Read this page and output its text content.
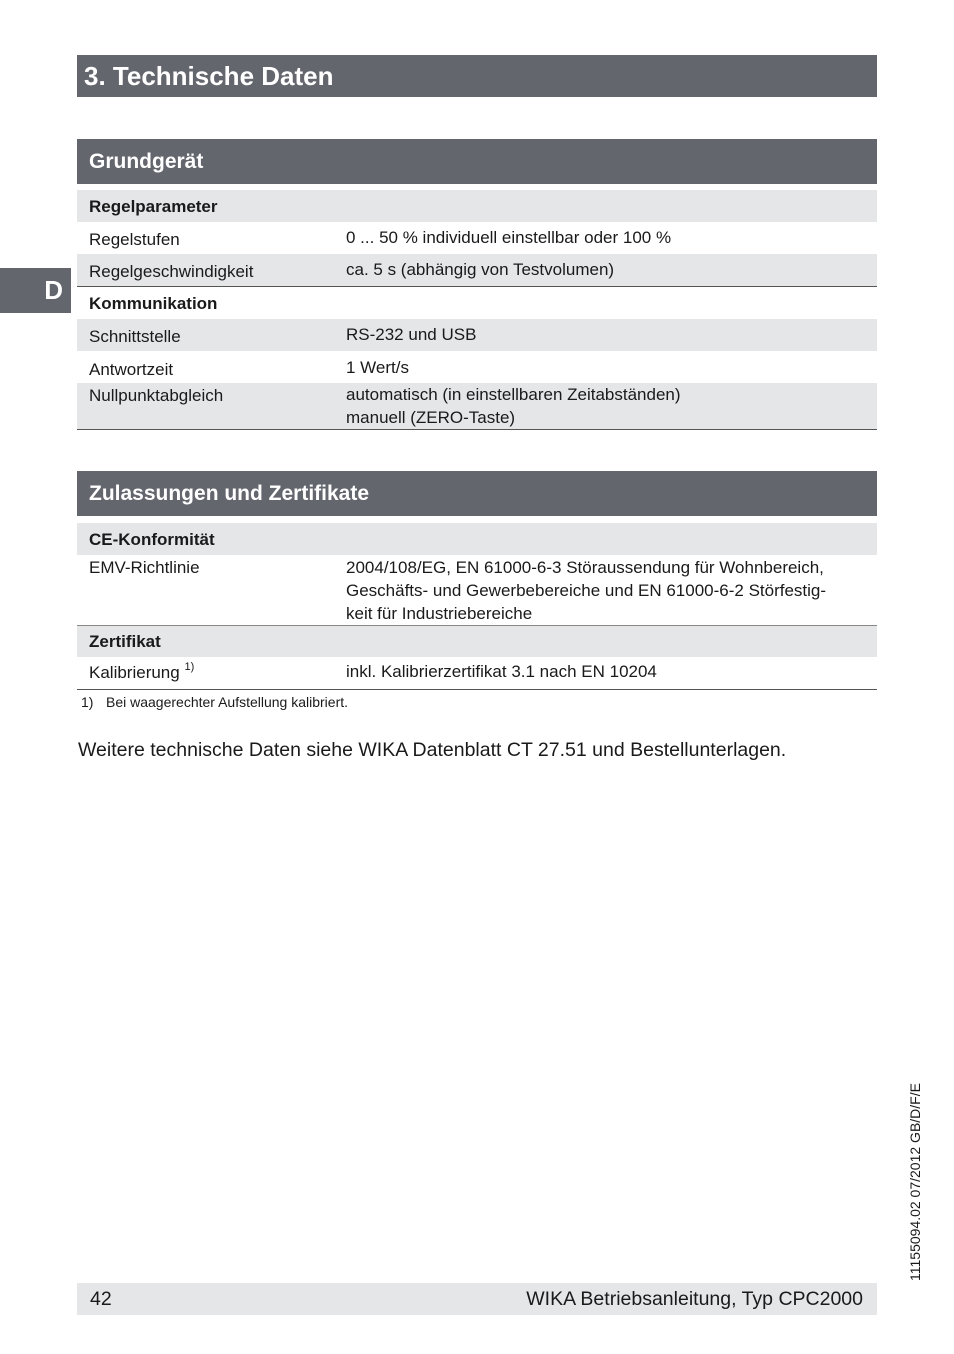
3. Technische Daten
D
Grundgerät
Regelparameter
Regelstufen	0 ... 50 % individuell einstellbar oder 100 %
Regelgeschwindigkeit	ca. 5 s (abhängig von Testvolumen)
Kommunikation
Schnittstelle	RS-232 und USB
Antwortzeit	1 Wert/s
Nullpunktabgleich	automatisch (in einstellbaren Zeitabständen)
manuell (ZERO-Taste)
Zulassungen und Zertifikate
CE-Konformität
EMV-Richtlinie	2004/108/EG, EN 61000-6-3 Störaussendung für Wohnbereich,
Geschäfts- und Gewerbebereiche und EN 61000-6-2 Störfestig-
keit für Industriebereiche
Zertifikat
Kalibrierung $^{1)}$	inkl. Kalibrierzertifikat 3.1 nach EN 10204
1) Bei waagerechter Aufstellung kalibriert.
Weitere technische Daten siehe WIKA Datenblatt CT 27.51 und Bestellunterlagen.
11155094.02 07/2012 GB/D/F/E
42	WIKA Betriebsanleitung, Typ CPC2000
